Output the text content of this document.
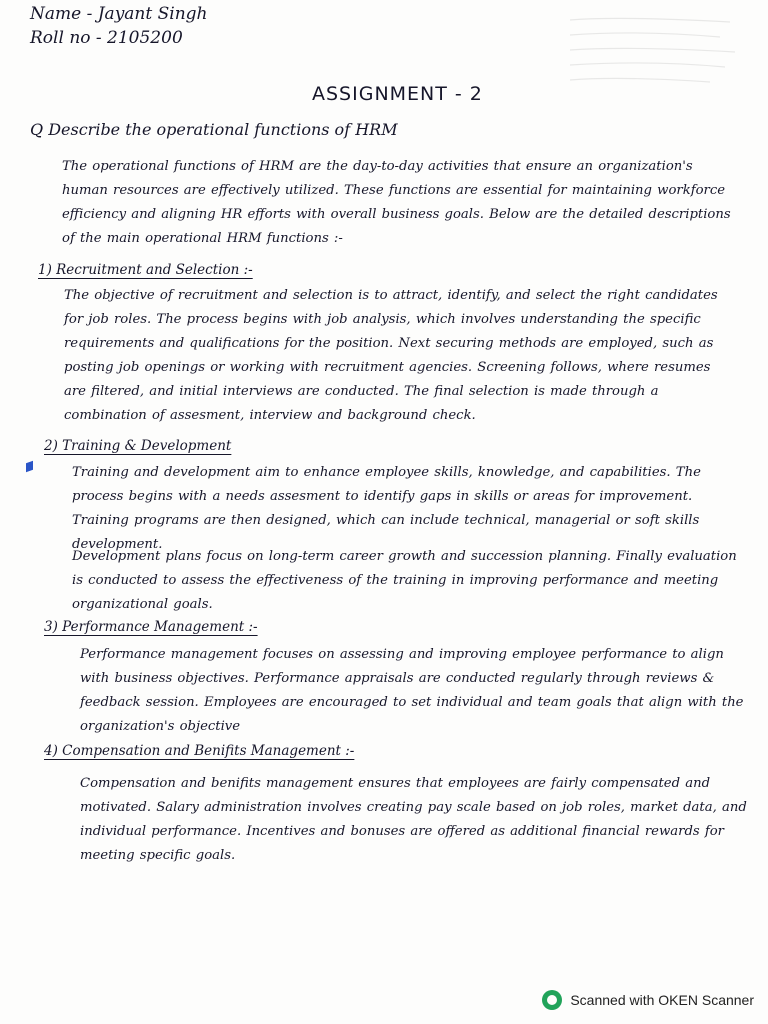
Name - Jayant Singh
Roll no - 2105200
ASSIGNMENT - 2
Q Describe the operational functions of HRM
The operational functions of HRM are the day-to-day activities that ensure an organization's human resources are effectively utilized. These functions are essential for maintaining workforce efficiency and aligning HR efforts with overall business goals. Below are the detailed descriptions of the main operational HRM functions :-
1) Recruitment and Selection :-
The objective of recruitment and selection is to attract, identify, and select the right candidates for job roles. The process begins with job analysis, which involves understanding the specific requirements and qualifications for the position. Next securing methods are employed, such as posting job openings or working with recruitment agencies. Screening follows, where resumes are filtered, and initial interviews are conducted. The final selection is made through a combination of assesment, interview and background check.
2) Training & Development
Training and development aim to enhance employee skills, knowledge, and capabilities. The process begins with a needs assesment to identify gaps in skills or areas for improvement. Training programs are then designed, which can include technical, managerial or soft skills development.
Development plans focus on long-term career growth and succession planning. Finally evaluation is conducted to assess the effectiveness of the training in improving performance and meeting organizational goals.
3) Performance Management :-
Performance management focuses on assessing and improving employee performance to align with business objectives. Performance appraisals are conducted regularly through reviews & feedback session. Employees are encouraged to set individual and team goals that align with the organization's objective
4) Compensation and Benifits Management :-
Compensation and benifits management ensures that employees are fairly compensated and motivated. Salary administration involves creating pay scale based on job roles, market data, and individual performance. Incentives and bonuses are offered as additional financial rewards for meeting specific goals.
Scanned with OKEN Scanner
